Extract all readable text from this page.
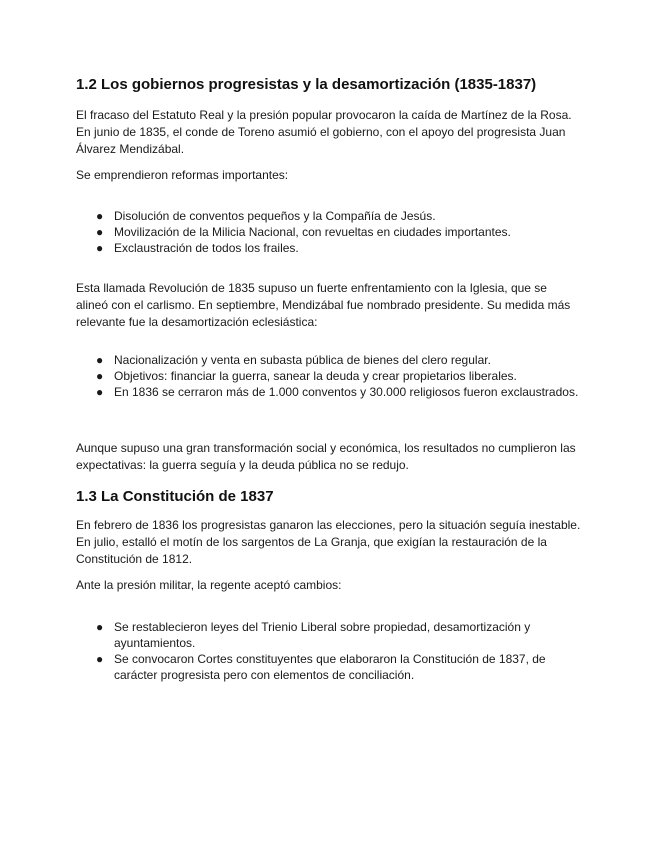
1.2 Los gobiernos progresistas y la desamortización (1835-1837)

El fracaso del Estatuto Real y la presión popular provocaron la caída de Martínez de la Rosa. En junio de 1835, el conde de Toreno asumió el gobierno, con el apoyo del progresista Juan Álvarez Mendizábal.

Se emprendieron reformas importantes:

● Disolución de conventos pequeños y la Compañía de Jesús.
● Movilización de la Milicia Nacional, con revueltas en ciudades importantes.
● Exclaustración de todos los frailes.

Esta llamada Revolución de 1835 supuso un fuerte enfrentamiento con la Iglesia, que se alineó con el carlismo. En septiembre, Mendizábal fue nombrado presidente. Su medida más relevante fue la desamortización eclesiástica:

● Nacionalización y venta en subasta pública de bienes del clero regular.
● Objetivos: financiar la guerra, sanear la deuda y crear propietarios liberales.
● En 1836 se cerraron más de 1.000 conventos y 30.000 religiosos fueron exclaustrados.

Aunque supuso una gran transformación social y económica, los resultados no cumplieron las expectativas: la guerra seguía y la deuda pública no se redujo.

1.3 La Constitución de 1837

En febrero de 1836 los progresistas ganaron las elecciones, pero la situación seguía inestable. En julio, estalló el motín de los sargentos de La Granja, que exigían la restauración de la Constitución de 1812.

Ante la presión militar, la regente aceptó cambios:

● Se restablecieron leyes del Trienio Liberal sobre propiedad, desamortización y ayuntamientos.
● Se convocaron Cortes constituyentes que elaboraron la Constitución de 1837, de carácter progresista pero con elementos de conciliación.
